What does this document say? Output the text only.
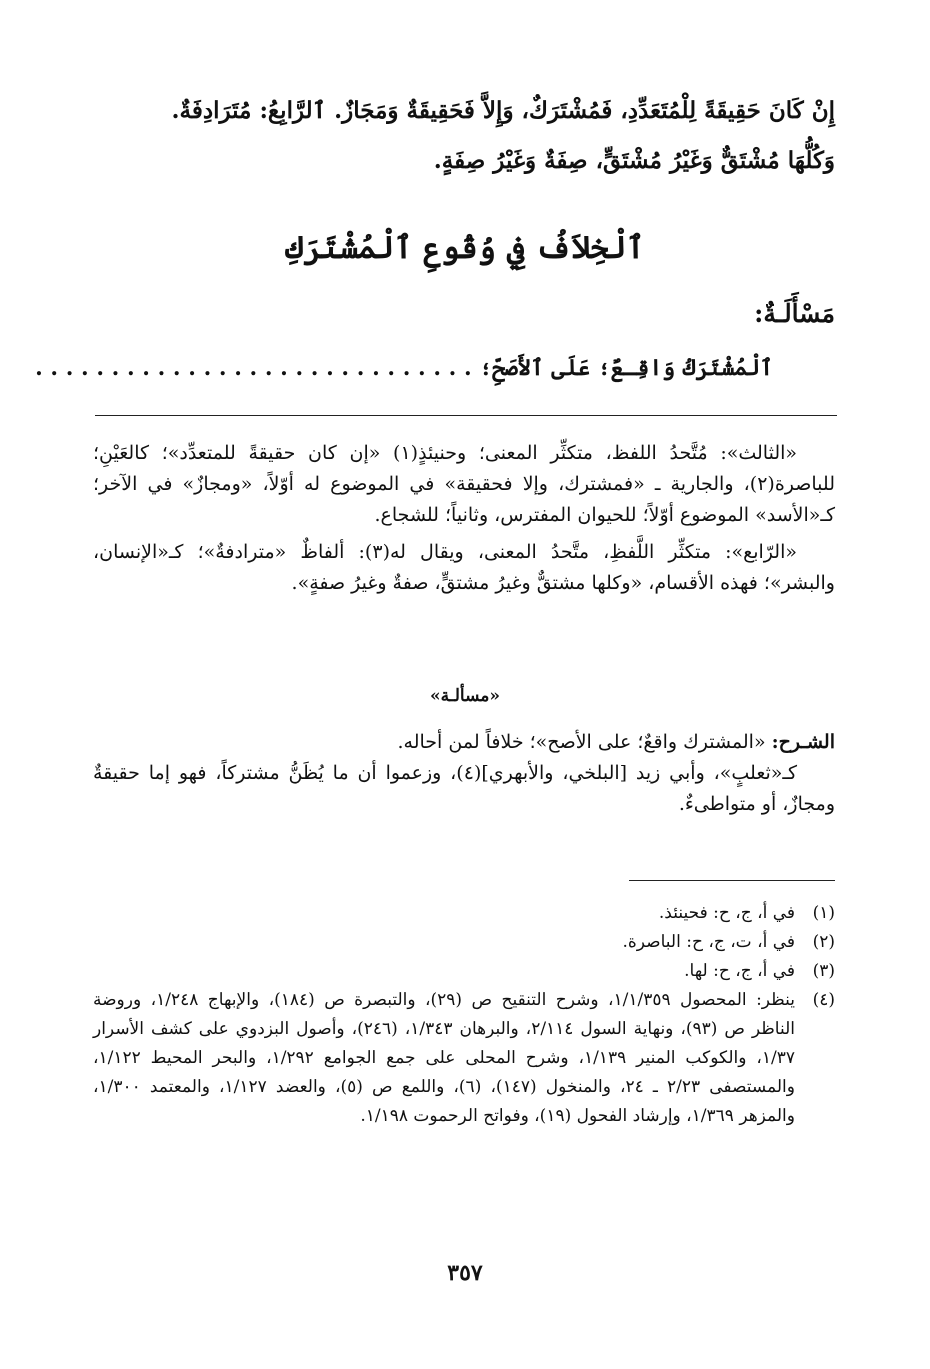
إِنْ كَانَ حَقِيقَةً لِلْمُتَعَدِّدِ، فَمُشْتَرَكٌ، وَإِلاَّ فَحَقِيقَةٌ وَمَجَازٌ. ٱلرَّابِعُ: مُتَرَادِفَةٌ.
وَكُلُّهَا مُشْتَقٌّ وَغَيْرُ مُشْتَقٍّ، صِفَةٌ وَغَيْرُ صِفَةٍ.
ٱلْخِلاَفُ فِي وُقُوعِ ٱلْمُشْتَرَكِ
مَسْأَلَـةٌ:
ٱلْمُشْتَرَكُ وَاقِـعٌ؛ عَلَى ٱلأَصَحِّ؛ . . . . . . . . . . . . . . . . . . . . . . . . . . . . .

«الثالث»: مُتَّحدُ اللفظ، متكثِّر المعنى؛ وحنيئذٍ(١) «إن كان حقيقةً للمتعدِّد»؛ كالعَيْنِ؛ للباصرة(٢)، والجارية ـ «فمشترك، وإلا فحقيقة» في الموضوع له أوّلاً، «ومجازٌ» في الآخر؛ كـ«الأسد» الموضوع أوّلاً؛ للحيوان المفترس، وثانياً؛ للشجاع.

«الرّابع»: متكثِّر اللَّفظِ، متَّحدُ المعنى، ويقال له(٣): ألفاظٌ «مترادفةٌ»؛ كـ«الإنسان، والبشر»؛ فهذه الأقسام، «وكلها مشتقٌّ وغيرُ مشتقٍّ، صفةٌ وغيرُ صفةٍ».

«مسألـة»

الشـرح: «المشترك واقعٌ؛ على الأصح»؛ خلافاً لمن أحاله.

كـ«ثعلبٍ»، وأبي زيد [البلخي، والأبهري](٤)، وزعموا أن ما يُظَنُّ مشتركاً، فهو إما حقيقةٌ ومجازٌ، أو متواطىءٌ.

(١)
في أ، ج، ح: فحينئذ.
(٢)
في أ، ت، ج، ح: الباصرة.
(٣)
في أ، ج، ح: لها.
(٤)
ينظر: المحصول ١/١/٣٥٩، وشرح التنقيح ص (٢٩)، والتبصرة ص (١٨٤)، والإبهاج ١/٢٤٨، وروضة الناظر ص (٩٣)، ونهاية السول ٢/١١٤، والبرهان ١/٣٤٣، (٢٤٦)، وأصول البزدوي على كشف الأسرار ١/٣٧، والكوكب المنير ١/١٣٩، وشرح المحلى على جمع الجوامع ١/٢٩٢، والبحر المحيط ١/١٢٢، والمستصفى ٢/٢٣ ـ ٢٤، والمنخول (١٤٧)، (٦)، واللمع ص (٥)، والعضد ١/١٢٧، والمعتمد ١/٣٠٠، والمزهر ١/٣٦٩، وإرشاد الفحول (١٩)، وفواتح الرحموت ١/١٩٨.
٣٥٧
